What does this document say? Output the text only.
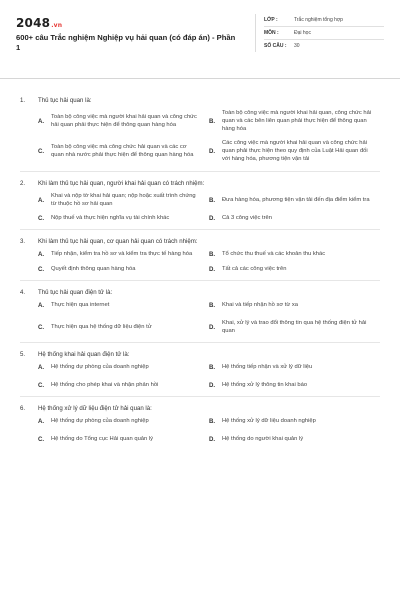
2048.vn
600+ câu Trắc nghiệm Nghiệp vụ hải quan (có đáp án) - Phần 1
LỚP :	Trắc nghiệm tổng hợp
MÔN :	Đại học
SỐ CÂU :	30
1.	Thủ tục hải quan là:
A.
Toàn bộ công việc mà người khai hải quan và công chức hải quan phải thực hiện để thông quan hàng hóa
B.
Toàn bộ công việc mà người khai hải quan, công chức hải quan và các bên liên quan phải thực hiện để thông quan hàng hóa
C.
Toàn bộ công việc mà công chức hải quan và các cơ quan nhà nước phải thực hiện để thông quan hàng hóa
D.
Các công việc mà người khai hải quan và công chức hải quan phải thực hiện theo quy định của Luật Hải quan đối với hàng hóa, phương tiện vận tải
2.	Khi làm thủ tục hải quan, người khai hải quan có trách nhiệm:
A.
Khai và nộp tờ khai hải quan; nộp hoặc xuất trình chứng từ thuộc hồ sơ hải quan
B.	Đưa hàng hóa, phương tiện vận tải đến địa điểm kiểm tra
C.	Nộp thuế và thực hiện nghĩa vụ tài chính khác	D.	Cả 3 công việc trên
3.	Khi làm thủ tục hải quan, cơ quan hải quan có trách nhiệm:
A.	Tiếp nhận, kiểm tra hồ sơ và kiểm tra thực tế hàng hóa	B.	Tổ chức thu thuế và các khoản thu khác
C.	Quyết định thông quan hàng hóa	D.	Tất cả các công việc trên
4.	Thủ tục hải quan điện tử là:
A.	Thực hiện qua internet	B.	Khai và tiếp nhận hồ sơ từ xa
C.	Thực hiện qua hệ thống dữ liệu điện tử	D.
Khai, xử lý và trao đổi thông tin qua hệ thống điện tử hải quan
5.	Hệ thống khai hải quan điện tử là:
A.	Hệ thống dự phòng của doanh nghiệp	B.	Hệ thống tiếp nhận và xử lý dữ liệu
C.	Hệ thống cho phép khai và nhận phản hồi	D.	Hệ thống xử lý thông tin khai báo
6.	Hệ thống xử lý dữ liệu điện tử hải quan là:
A.	Hệ thống dự phòng của doanh nghiệp	B.	Hệ thống xử lý dữ liệu doanh nghiệp
C.	Hệ thống do Tổng cục Hải quan quản lý	D.	Hệ thống do người khai quản lý
